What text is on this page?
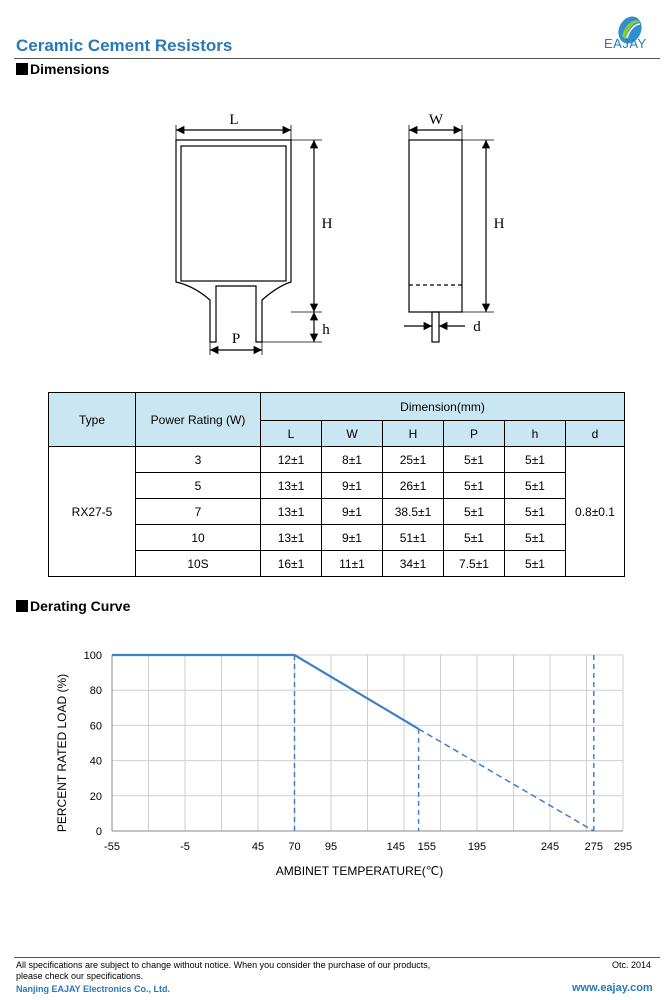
Ceramic Cement Resistors	EAJAY
Dimensions
L
H
h
P
W
H
d
Type	Power Rating (W)	Dimension(mm)					
		L	W	H	P	h	d
RX27-5	3	12±1	8±1	25±1	5±1	5±1	0.8±0.1
	5	13±1	9±1	26±1	5±1	5±1	
	7	13±1	9±1	38.5±1	5±1	5±1	
	10	13±1	9±1	51±1	5±1	5±1	
	10S	16±1	11±1	34±1	7.5±1	5±1	
Derating Curve
0
20
40
60
80
100
-55	-5	45 70 95	145 155	195	245 275 295
AMBINET TEMPERATURE(℃)
PERCENT RATED LOAD (%)
All specifications are subject to change without notice. When you consider the purchase of our products,
please check our specifications.
Otc. 2014
Nanjing EAJAY Electronics Co., Ltd.	www.eajay.com
